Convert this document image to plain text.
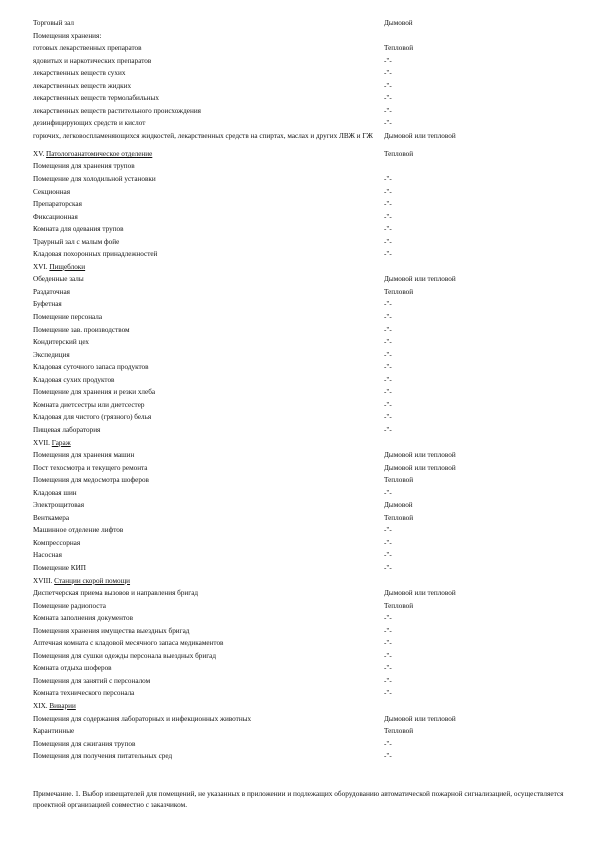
Торговый зал	Дымовой
Помещения хранения:
готовых лекарственных препаратов	Тепловой
ядовитых и наркотических препаратов	-"-
лекарственных веществ сухих	-"-
лекарственных веществ жидких	-"-
лекарственных веществ термолабильных	-"-
лекарственных веществ растительного происхождения	-"-
дезинфицирующих средств и кислот	-"-
горючих, легковоспламеняющихся жидкостей, лекарственных средств на спиртах, маслах и других ЛВЖ и ГЖ	Дымовой или тепловой
XV. Патологоанатомическое отделение	Тепловой
Помещения для хранения трупов
Помещение для холодильной установки	-"-
Секционная	-"-
Препараторская	-"-
Фиксационная	-"-
Комната для одевания трупов	-"-
Траурный зал с малым фойе	-"-
Кладовая похоронных принадлежностей	-"-
XVI. Пищеблоки
Обеденные залы	Дымовой или тепловой
Раздаточная	Тепловой
Буфетная	-"-
Помещение персонала	-"-
Помещение зав. производством	-"-
Кондитерский цех	-"-
Экспедиция	-"-
Кладовая суточного запаса продуктов	-"-
Кладовая сухих продуктов	-"-
Помещение для хранения и резки хлеба	-"-
Комната диетсестры или диетсестер	-"-
Кладовая для чистого (грязного) белья	-"-
Пищевая лаборатория	-"-
XVII. Гараж
Помещения для хранения машин	Дымовой или тепловой
Пост техосмотра и текущего ремонта	Дымовой или тепловой
Помещения для медосмотра шоферов	Тепловой
Кладовая шин	-"-
Электрощитовая	Дымовой
Венткамера	Тепловой
Машинное отделение лифтов	-"-
Компрессорная	-"-
Насосная	-"-
Помещение КИП	-"-
XVIII. Станции скорой помощи
Диспетчерская приема вызовов и направления бригад	Дымовой или тепловой
Помещение радиопоста	Тепловой
Комната заполнения документов	-"-
Помещения хранения имущества выездных бригад	-"-
Аптечная комната с кладовой месячного запаса медикаментов	-"-
Помещения для сушки одежды персонала выездных бригад	-"-
Комната отдыха шоферов	-"-
Помещения для занятий с персоналом	-"-
Комната технического персонала	-"-
XIX. Виварии
Помещения для содержания лабораторных и инфекционных животных	Дымовой или тепловой
Карантинные	Тепловой
Помещения для сжигания трупов	-"-
Помещения для получения питательных сред	-"-
Примечание. 1. Выбор извещателей для помещений, не указанных в приложении и подлежащих оборудованию автоматической пожарной сигнализацией, осуществляется проектной организацией совместно с заказчиком.
